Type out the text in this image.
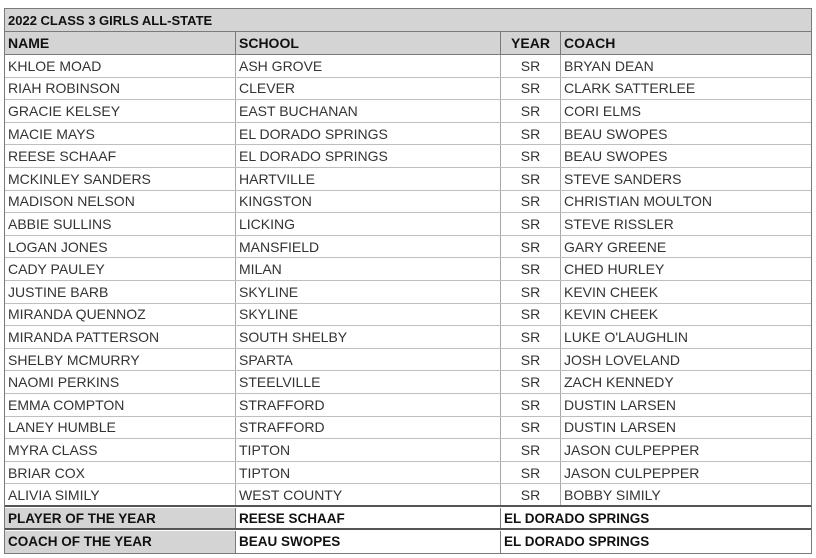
2022 CLASS 3 GIRLS ALL-STATE
NAME	SCHOOL	YEAR	COACH
KHLOE MOAD	ASH GROVE	SR	BRYAN DEAN
RIAH ROBINSON	CLEVER	SR	CLARK SATTERLEE
GRACIE KELSEY	EAST BUCHANAN	SR	CORI ELMS
MACIE MAYS	EL DORADO SPRINGS	SR	BEAU SWOPES
REESE SCHAAF	EL DORADO SPRINGS	SR	BEAU SWOPES
MCKINLEY SANDERS	HARTVILLE	SR	STEVE SANDERS
MADISON NELSON	KINGSTON	SR	CHRISTIAN MOULTON
ABBIE SULLINS	LICKING	SR	STEVE RISSLER
LOGAN JONES	MANSFIELD	SR	GARY GREENE
CADY PAULEY	MILAN	SR	CHED HURLEY
JUSTINE BARB	SKYLINE	SR	KEVIN CHEEK
MIRANDA QUENNOZ	SKYLINE	SR	KEVIN CHEEK
MIRANDA PATTERSON	SOUTH SHELBY	SR	LUKE O'LAUGHLIN
SHELBY MCMURRY	SPARTA	SR	JOSH LOVELAND
NAOMI PERKINS	STEELVILLE	SR	ZACH KENNEDY
EMMA COMPTON	STRAFFORD	SR	DUSTIN LARSEN
LANEY HUMBLE	STRAFFORD	SR	DUSTIN LARSEN
MYRA CLASS	TIPTON	SR	JASON CULPEPPER
BRIAR COX	TIPTON	SR	JASON CULPEPPER
ALIVIA SIMILY	WEST COUNTY	SR	BOBBY SIMILY
PLAYER OF THE YEAR	REESE SCHAAF	EL DORADO SPRINGS
COACH OF THE YEAR	BEAU SWOPES	EL DORADO SPRINGS
